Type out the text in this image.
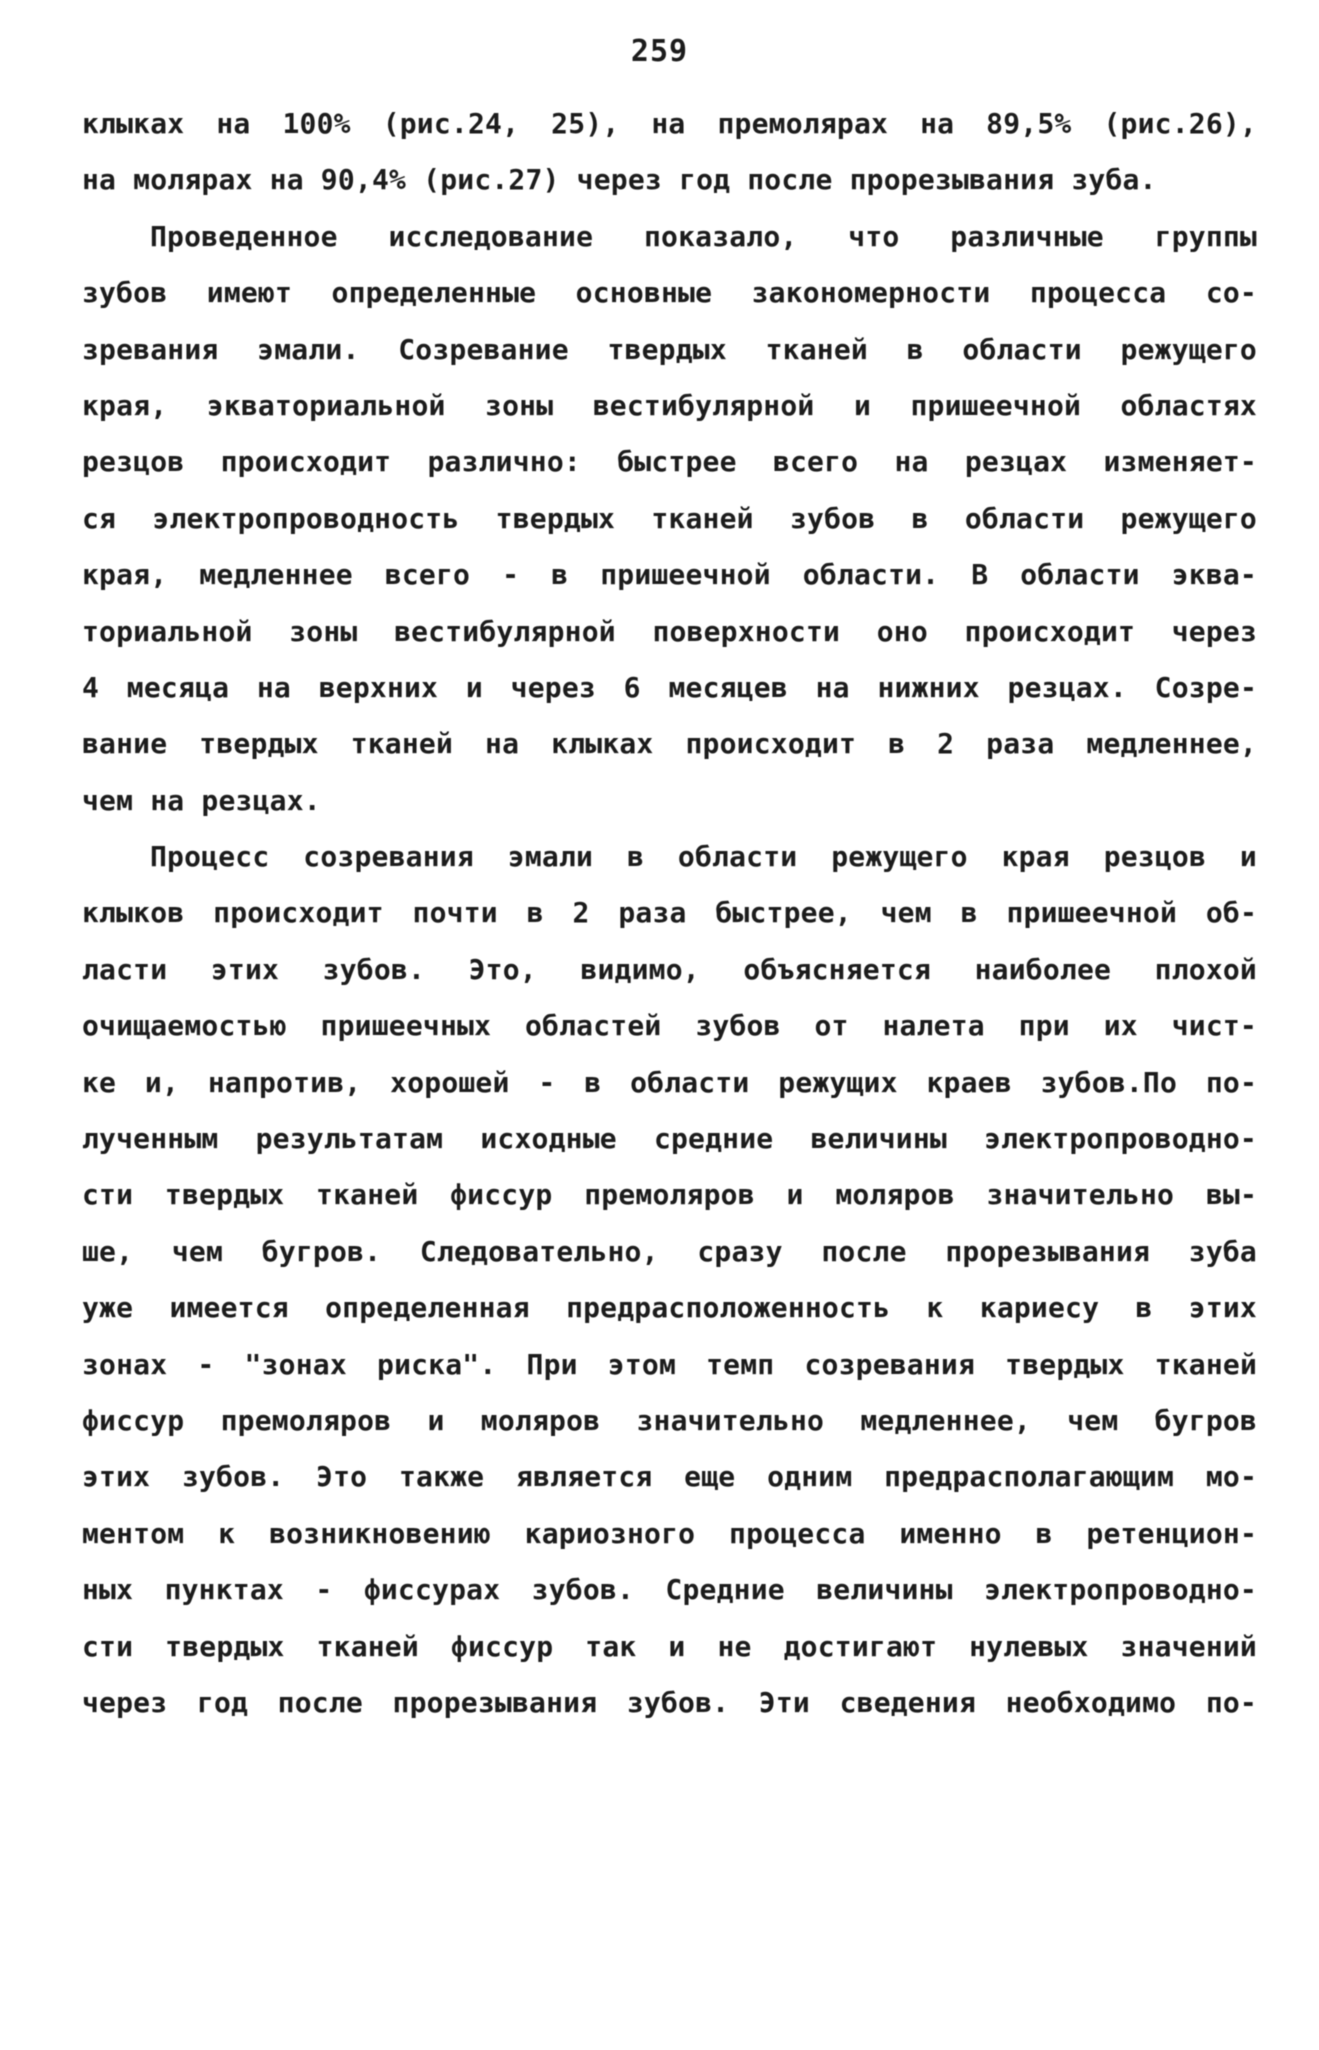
259
клыках на 100% (рис.24, 25), на премолярах на 89,5% (рис.26),
на молярах на 90,4% (рис.27) через год после прорезывания зуба.
Проведенное исследование показало, что различные группы
зубов имеют определенные основные закономерности процесса со-
зревания эмали. Созревание твердых тканей в области режущего
края, экваториальной зоны вестибулярной и пришеечной областях
резцов происходит различно: быстрее всего на резцах изменяет-
ся электропроводность твердых тканей зубов в области режущего
края, медленнее всего - в пришеечной области. В области эква-
ториальной зоны вестибулярной поверхности оно происходит через
4 месяца на верхних и через 6 месяцев на нижних резцах. Созре-
вание твердых тканей на клыках происходит в 2 раза медленнее,
чем на резцах.
Процесс созревания эмали в области режущего края резцов и
клыков происходит почти в 2 раза быстрее, чем в пришеечной об-
ласти этих зубов. Это, видимо, объясняется наиболее плохой
очищаемостью пришеечных областей зубов от налета при их чист-
ке и, напротив, хорошей - в области режущих краев зубов.По по-
лученным результатам исходные средние величины электропроводно-
сти твердых тканей фиссур премоляров и моляров значительно вы-
ше, чем бугров. Следовательно, сразу после прорезывания зуба
уже имеется определенная предрасположенность к кариесу в этих
зонах - "зонах риска". При этом темп созревания твердых тканей
фиссур премоляров и моляров значительно медленнее, чем бугров
этих зубов. Это также является еще одним предрасполагающим мо-
ментом к возникновению кариозного процесса именно в ретенцион-
ных пунктах - фиссурах зубов. Средние величины электропроводно-
сти твердых тканей фиссур так и не достигают нулевых значений
через год после прорезывания зубов. Эти сведения необходимо по-
